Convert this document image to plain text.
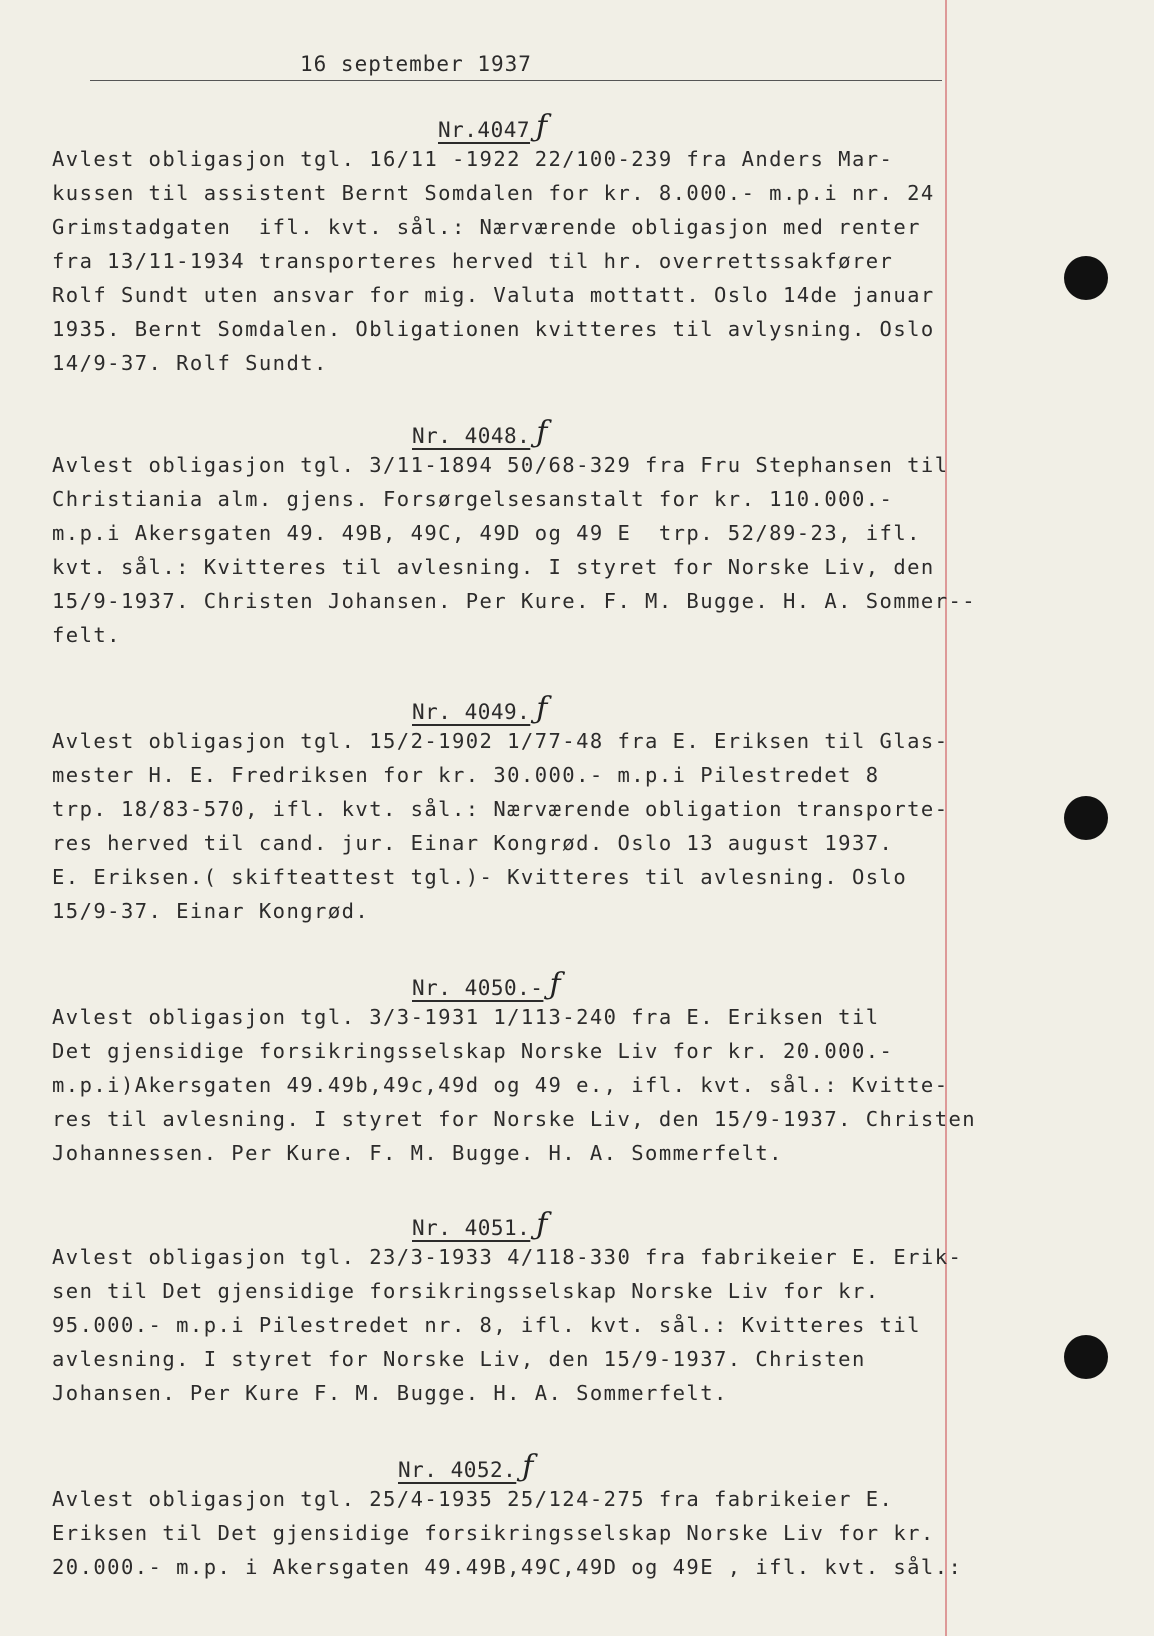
16 september 1937
Nr.4047 ƒ
Avlest obligasjon tgl. 16/11 -1922 22/100-239 fra Anders Mar-
kussen til assistent Bernt Somdalen for kr. 8.000.- m.p.i nr. 24
Grimstadgaten  ifl. kvt. sål.: Nærværende obligasjon med renter
fra 13/11-1934 transporteres herved til hr. overrettssakfører
Rolf Sundt uten ansvar for mig. Valuta mottatt. Oslo 14de januar
1935. Bernt Somdalen. Obligationen kvitteres til avlysning. Oslo
14/9-37. Rolf Sundt.
Nr. 4048. ƒ
Avlest obligasjon tgl. 3/11-1894 50/68-329 fra Fru Stephansen til
Christiania alm. gjens. Forsørgelsesanstalt for kr. 110.000.-
m.p.i Akersgaten 49. 49B, 49C, 49D og 49 E  trp. 52/89-23, ifl.
kvt. sål.: Kvitteres til avlesning. I styret for Norske Liv, den
15/9-1937. Christen Johansen. Per Kure. F. M. Bugge. H. A. Sommer--
felt.
Nr. 4049. ƒ
Avlest obligasjon tgl. 15/2-1902 1/77-48 fra E. Eriksen til Glas-
mester H. E. Fredriksen for kr. 30.000.- m.p.i Pilestredet 8
trp. 18/83-570, ifl. kvt. sål.: Nærværende obligation transporte-
res herved til cand. jur. Einar Kongrød. Oslo 13 august 1937.
E. Eriksen.( skifteattest tgl.)- Kvitteres til avlesning. Oslo
15/9-37. Einar Kongrød.
Nr. 4050.- ƒ
Avlest obligasjon tgl. 3/3-1931 1/113-240 fra E. Eriksen til
Det gjensidige forsikringsselskap Norske Liv for kr. 20.000.-
m.p.i)Akersgaten 49.49b,49c,49d og 49 e., ifl. kvt. sål.: Kvitte-
res til avlesning. I styret for Norske Liv, den 15/9-1937. Christen
Johannessen. Per Kure. F. M. Bugge. H. A. Sommerfelt.
Nr. 4051. ƒ
Avlest obligasjon tgl. 23/3-1933 4/118-330 fra fabrikeier E. Erik-
sen til Det gjensidige forsikringsselskap Norske Liv for kr.
95.000.- m.p.i Pilestredet nr. 8, ifl. kvt. sål.: Kvitteres til
avlesning. I styret for Norske Liv, den 15/9-1937. Christen
Johansen. Per Kure F. M. Bugge. H. A. Sommerfelt.
Nr. 4052. ƒ
Avlest obligasjon tgl. 25/4-1935 25/124-275 fra fabrikeier E.
Eriksen til Det gjensidige forsikringsselskap Norske Liv for kr.
20.000.- m.p. i Akersgaten 49.49B,49C,49D og 49E , ifl. kvt. sål.:
